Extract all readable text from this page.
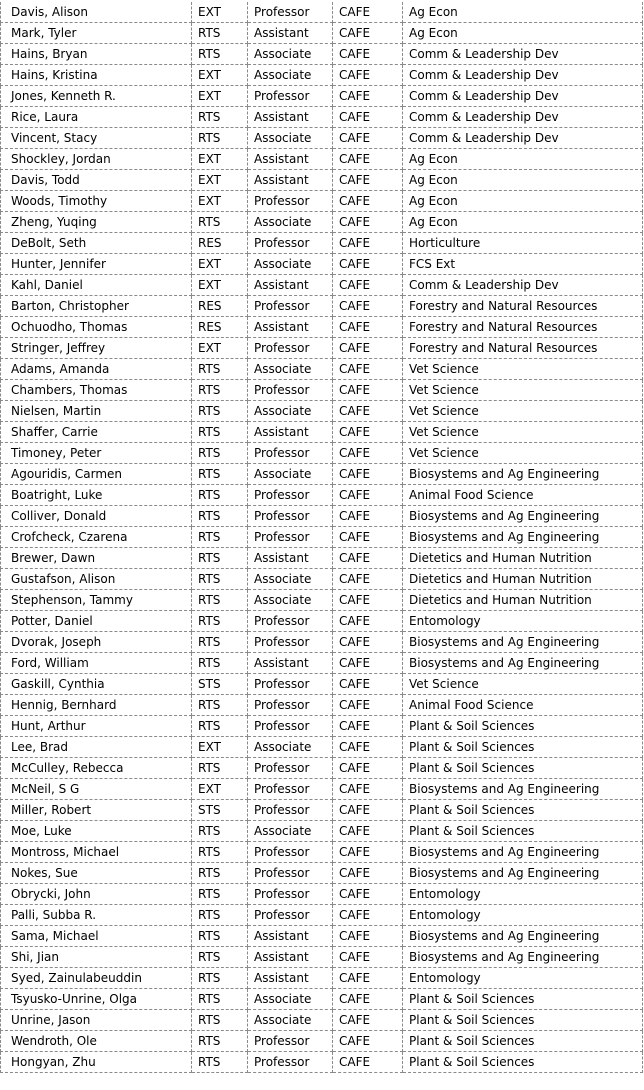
Davis, Alison	EXT	Professor	CAFE	Ag Econ
Mark, Tyler	RTS	Assistant	CAFE	Ag Econ
Hains, Bryan	RTS	Associate	CAFE	Comm & Leadership Dev
Hains, Kristina	EXT	Associate	CAFE	Comm & Leadership Dev
Jones, Kenneth R.	EXT	Professor	CAFE	Comm & Leadership Dev
Rice, Laura	RTS	Assistant	CAFE	Comm & Leadership Dev
Vincent, Stacy	RTS	Associate	CAFE	Comm & Leadership Dev
Shockley, Jordan	EXT	Assistant	CAFE	Ag Econ
Davis, Todd	EXT	Assistant	CAFE	Ag Econ
Woods, Timothy	EXT	Professor	CAFE	Ag Econ
Zheng, Yuqing	RTS	Associate	CAFE	Ag Econ
DeBolt, Seth	RES	Professor	CAFE	Horticulture
Hunter, Jennifer	EXT	Associate	CAFE	FCS Ext
Kahl, Daniel	EXT	Assistant	CAFE	Comm & Leadership Dev
Barton, Christopher	RES	Professor	CAFE	Forestry and Natural Resources
Ochuodho, Thomas	RES	Assistant	CAFE	Forestry and Natural Resources
Stringer, Jeffrey	EXT	Professor	CAFE	Forestry and Natural Resources
Adams, Amanda	RTS	Associate	CAFE	Vet Science
Chambers, Thomas	RTS	Professor	CAFE	Vet Science
Nielsen, Martin	RTS	Associate	CAFE	Vet Science
Shaffer, Carrie	RTS	Assistant	CAFE	Vet Science
Timoney, Peter	RTS	Professor	CAFE	Vet Science
Agouridis, Carmen	RTS	Associate	CAFE	Biosystems and Ag Engineering
Boatright, Luke	RTS	Professor	CAFE	Animal Food Science
Colliver, Donald	RTS	Professor	CAFE	Biosystems and Ag Engineering
Crofcheck, Czarena	RTS	Professor	CAFE	Biosystems and Ag Engineering
Brewer, Dawn	RTS	Assistant	CAFE	Dietetics and Human Nutrition
Gustafson, Alison	RTS	Associate	CAFE	Dietetics and Human Nutrition
Stephenson, Tammy	RTS	Associate	CAFE	Dietetics and Human Nutrition
Potter, Daniel	RTS	Professor	CAFE	Entomology
Dvorak, Joseph	RTS	Professor	CAFE	Biosystems and Ag Engineering
Ford, William	RTS	Assistant	CAFE	Biosystems and Ag Engineering
Gaskill, Cynthia	STS	Professor	CAFE	Vet Science
Hennig, Bernhard	RTS	Professor	CAFE	Animal Food Science
Hunt, Arthur	RTS	Professor	CAFE	Plant & Soil Sciences
Lee, Brad	EXT	Associate	CAFE	Plant & Soil Sciences
McCulley, Rebecca	RTS	Professor	CAFE	Plant & Soil Sciences
McNeil, S G	EXT	Professor	CAFE	Biosystems and Ag Engineering
Miller, Robert	STS	Professor	CAFE	Plant & Soil Sciences
Moe, Luke	RTS	Associate	CAFE	Plant & Soil Sciences
Montross, Michael	RTS	Professor	CAFE	Biosystems and Ag Engineering
Nokes, Sue	RTS	Professor	CAFE	Biosystems and Ag Engineering
Obrycki, John	RTS	Professor	CAFE	Entomology
Palli, Subba R.	RTS	Professor	CAFE	Entomology
Sama, Michael	RTS	Assistant	CAFE	Biosystems and Ag Engineering
Shi, Jian	RTS	Assistant	CAFE	Biosystems and Ag Engineering
Syed, Zainulabeuddin	RTS	Assistant	CAFE	Entomology
Tsyusko-Unrine, Olga	RTS	Associate	CAFE	Plant & Soil Sciences
Unrine, Jason	RTS	Associate	CAFE	Plant & Soil Sciences
Wendroth, Ole	RTS	Professor	CAFE	Plant & Soil Sciences
Hongyan, Zhu	RTS	Professor	CAFE	Plant & Soil Sciences
